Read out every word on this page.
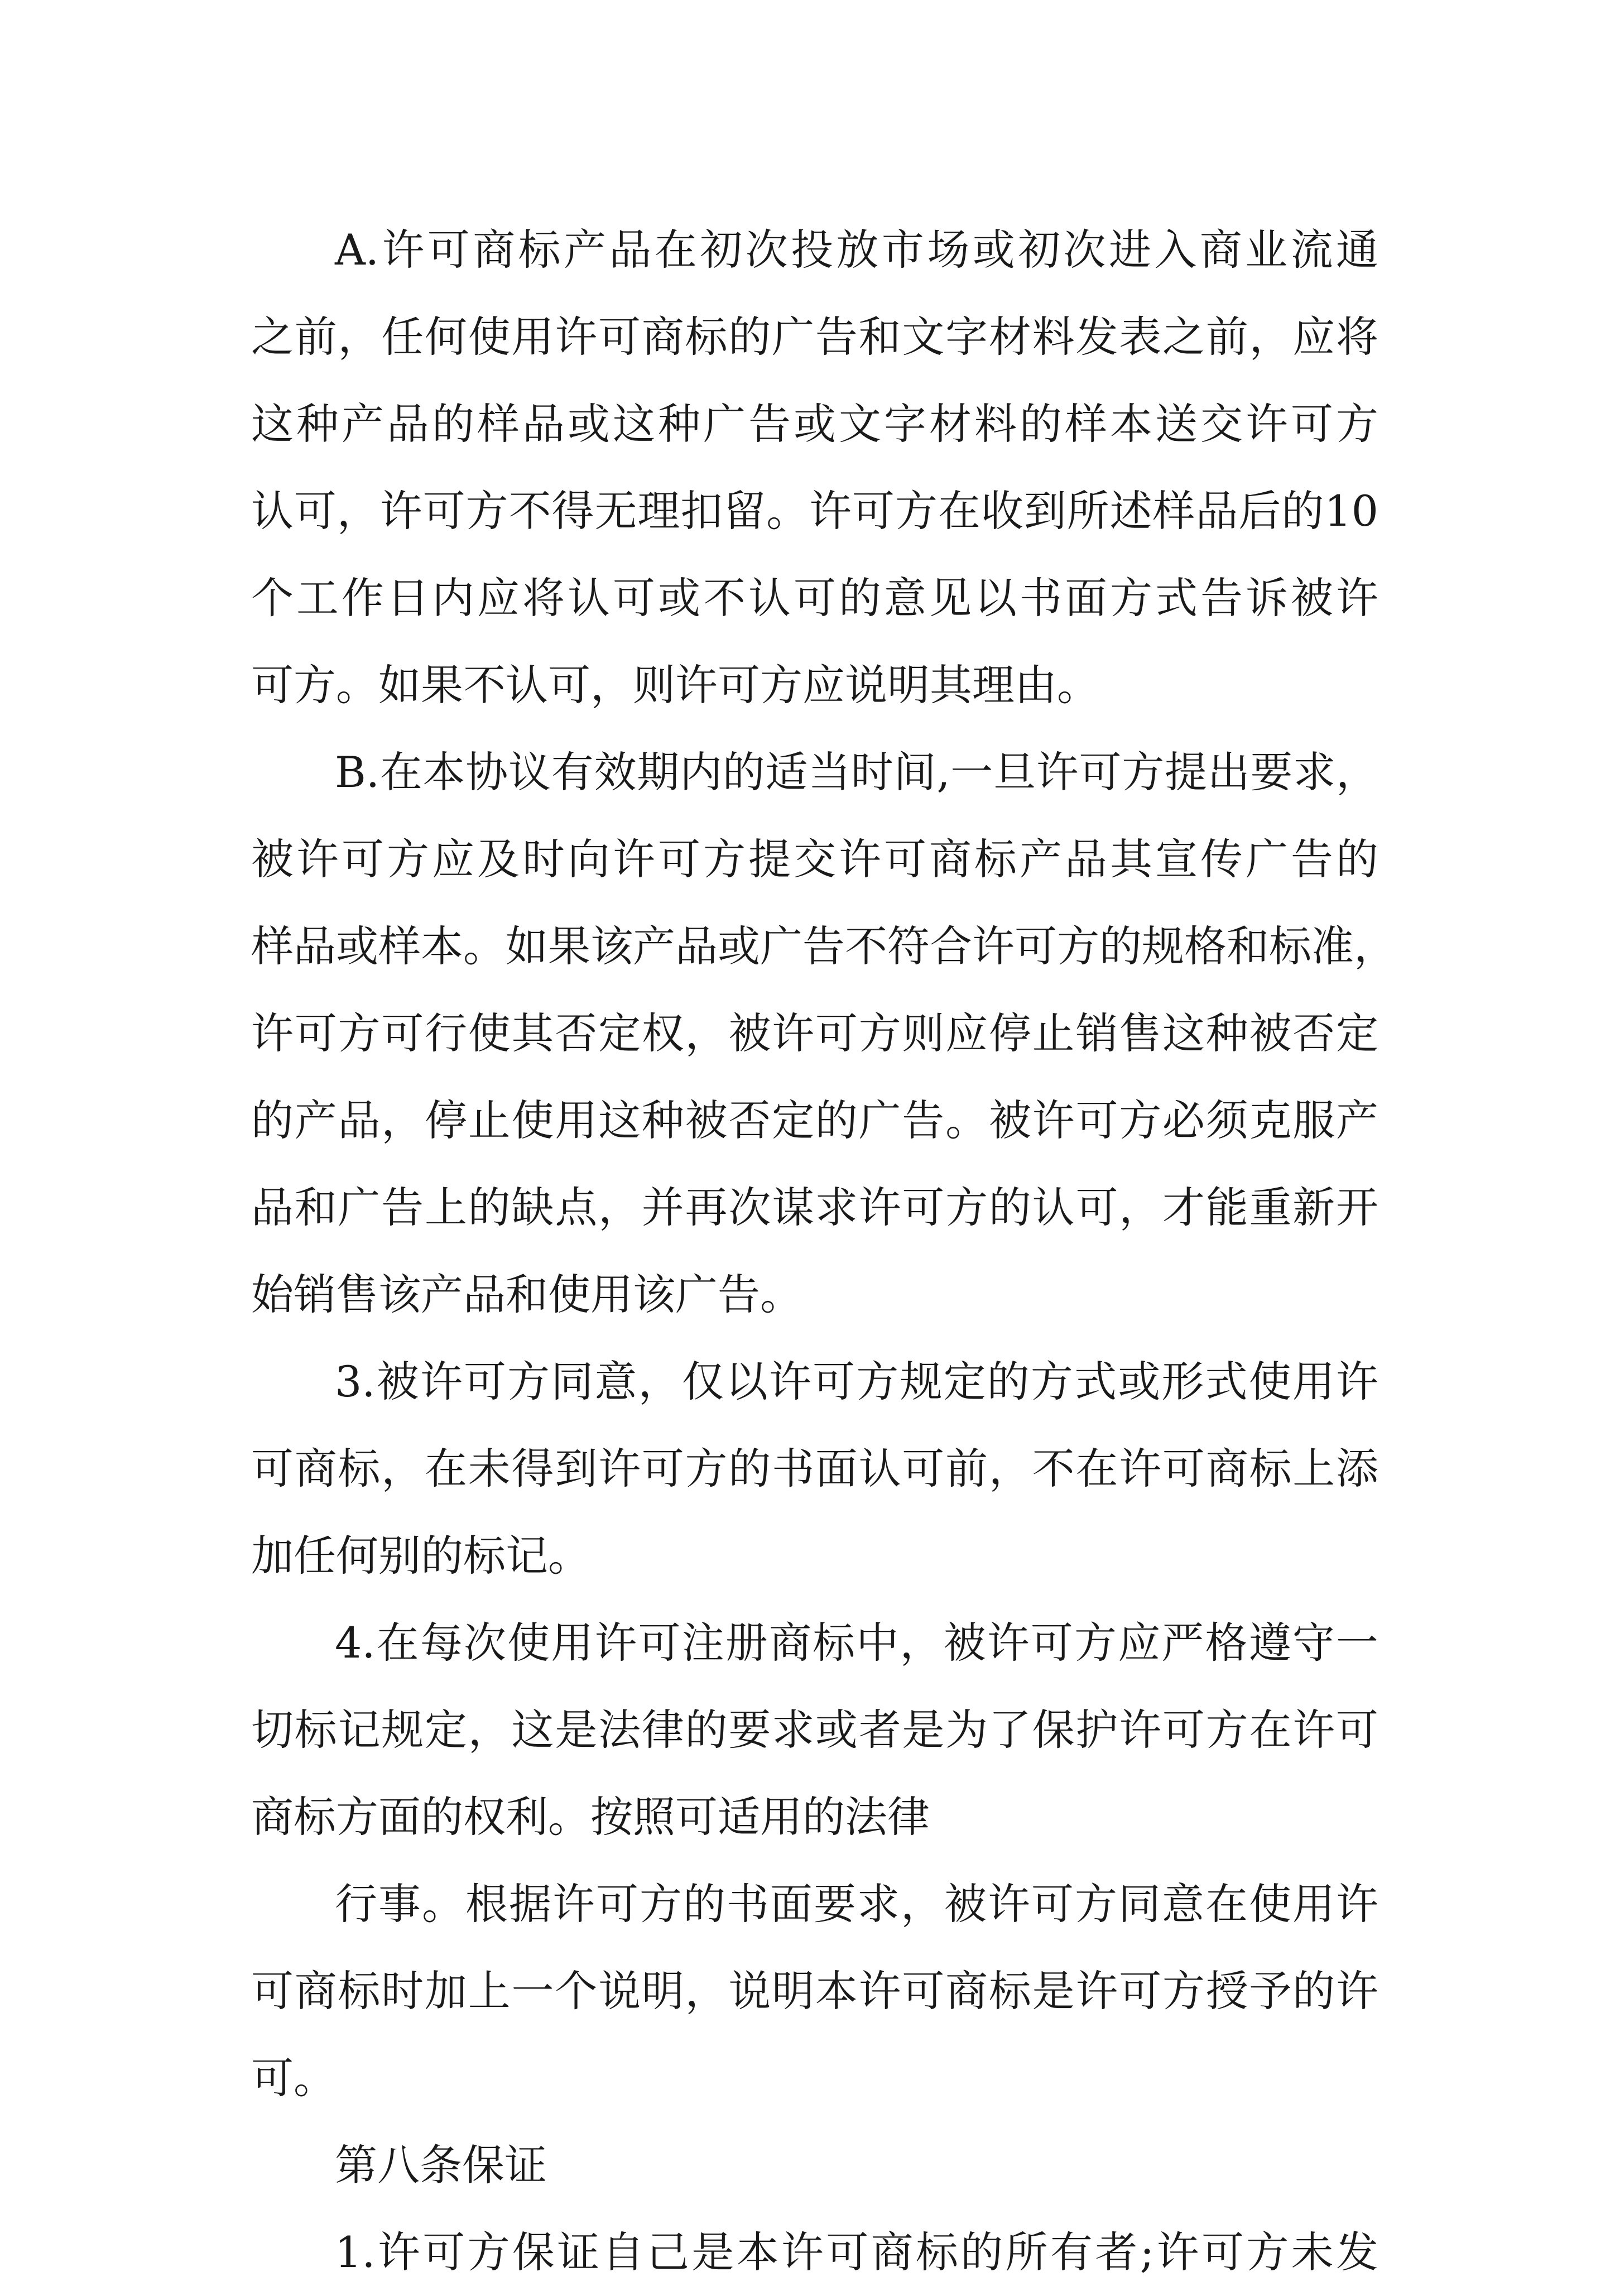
A.许可商标产品在初次投放市场或初次进入商业流通
之前，任何使用许可商标的广告和文字材料发表之前，应将
这种产品的样品或这种广告或文字材料的样本送交许可方
认可，许可方不得无理扣留。许可方在收到所述样品后的10
个工作日内应将认可或不认可的意见以书面方式告诉被许
可方。如果不认可，则许可方应说明其理由。
B.在本协议有效期内的适当时间,一旦许可方提出要求，
被许可方应及时向许可方提交许可商标产品其宣传广告的
样品或样本。如果该产品或广告不符合许可方的规格和标准，
许可方可行使其否定权，被许可方则应停止销售这种被否定
的产品，停止使用这种被否定的广告。被许可方必须克服产
品和广告上的缺点，并再次谋求许可方的认可，才能重新开
始销售该产品和使用该广告。
3.被许可方同意，仅以许可方规定的方式或形式使用许
可商标，在未得到许可方的书面认可前，不在许可商标上添
加任何别的标记。
4.在每次使用许可注册商标中，被许可方应严格遵守一
切标记规定，这是法律的要求或者是为了保护许可方在许可
商标方面的权利。按照可适用的法律
行事。根据许可方的书面要求，被许可方同意在使用许
可商标时加上一个说明，说明本许可商标是许可方授予的许
可。
第八条保证
1.许可方保证自己是本许可商标的所有者;许可方未发
